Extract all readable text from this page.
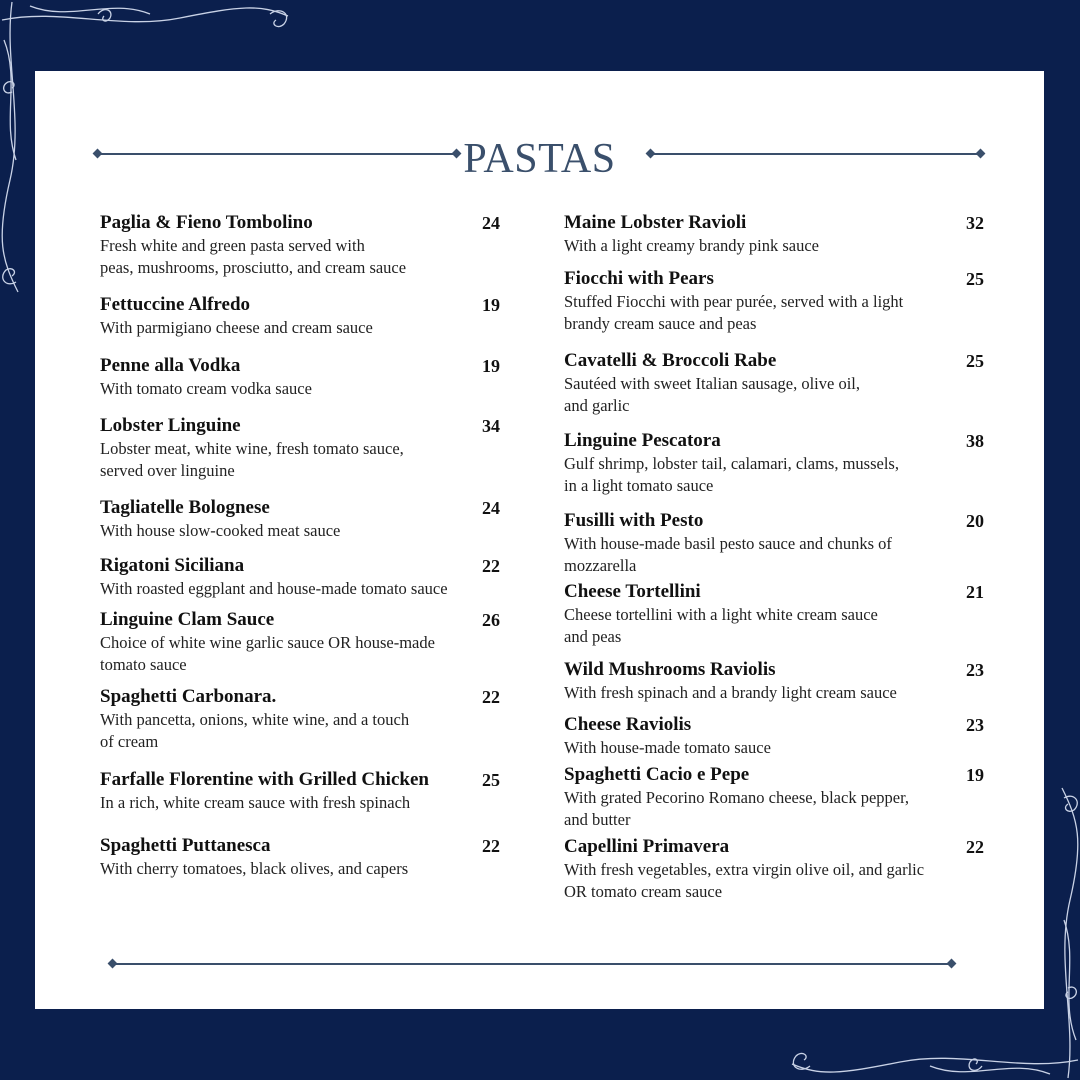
PASTAS
Paglia & Fieno Tombolino	24
Fresh white and green pasta served with
peas, mushrooms, prosciutto, and cream sauce
Fettuccine Alfredo	19
With parmigiano cheese and cream sauce
Penne alla Vodka	19
With tomato cream vodka sauce
Lobster Linguine	34
Lobster meat, white wine, fresh tomato sauce,
served over linguine
Tagliatelle Bolognese	24
With house slow-cooked meat sauce
Rigatoni Siciliana	22
With roasted eggplant and house-made tomato sauce
Linguine Clam Sauce	26
Choice of white wine garlic sauce OR house-made
tomato sauce
Spaghetti Carbonara.	22
With pancetta, onions, white wine, and a touch
of cream
Farfalle Florentine with Grilled Chicken	25
In a rich, white cream sauce with fresh spinach
Spaghetti Puttanesca	22
With cherry tomatoes, black olives, and capers
Maine Lobster Ravioli	32
With a light creamy brandy pink sauce
Fiocchi with Pears	25
Stuffed Fiocchi with pear purée, served with a light
brandy cream sauce and peas
Cavatelli & Broccoli Rabe	25
Sautéed with sweet Italian sausage, olive oil,
and garlic
Linguine Pescatora	38
Gulf shrimp, lobster tail, calamari, clams, mussels,
in a light tomato sauce
Fusilli with Pesto	20
With house-made basil pesto sauce and chunks of
mozzarella
Cheese Tortellini	21
Cheese tortellini with a light white cream sauce
and peas
Wild Mushrooms Raviolis	23
With fresh spinach and a brandy light cream sauce
Cheese Raviolis	23
With house-made tomato sauce
Spaghetti Cacio e Pepe	19
With grated Pecorino Romano cheese, black pepper,
and butter
Capellini Primavera	22
With fresh vegetables, extra virgin olive oil, and garlic
OR tomato cream sauce
